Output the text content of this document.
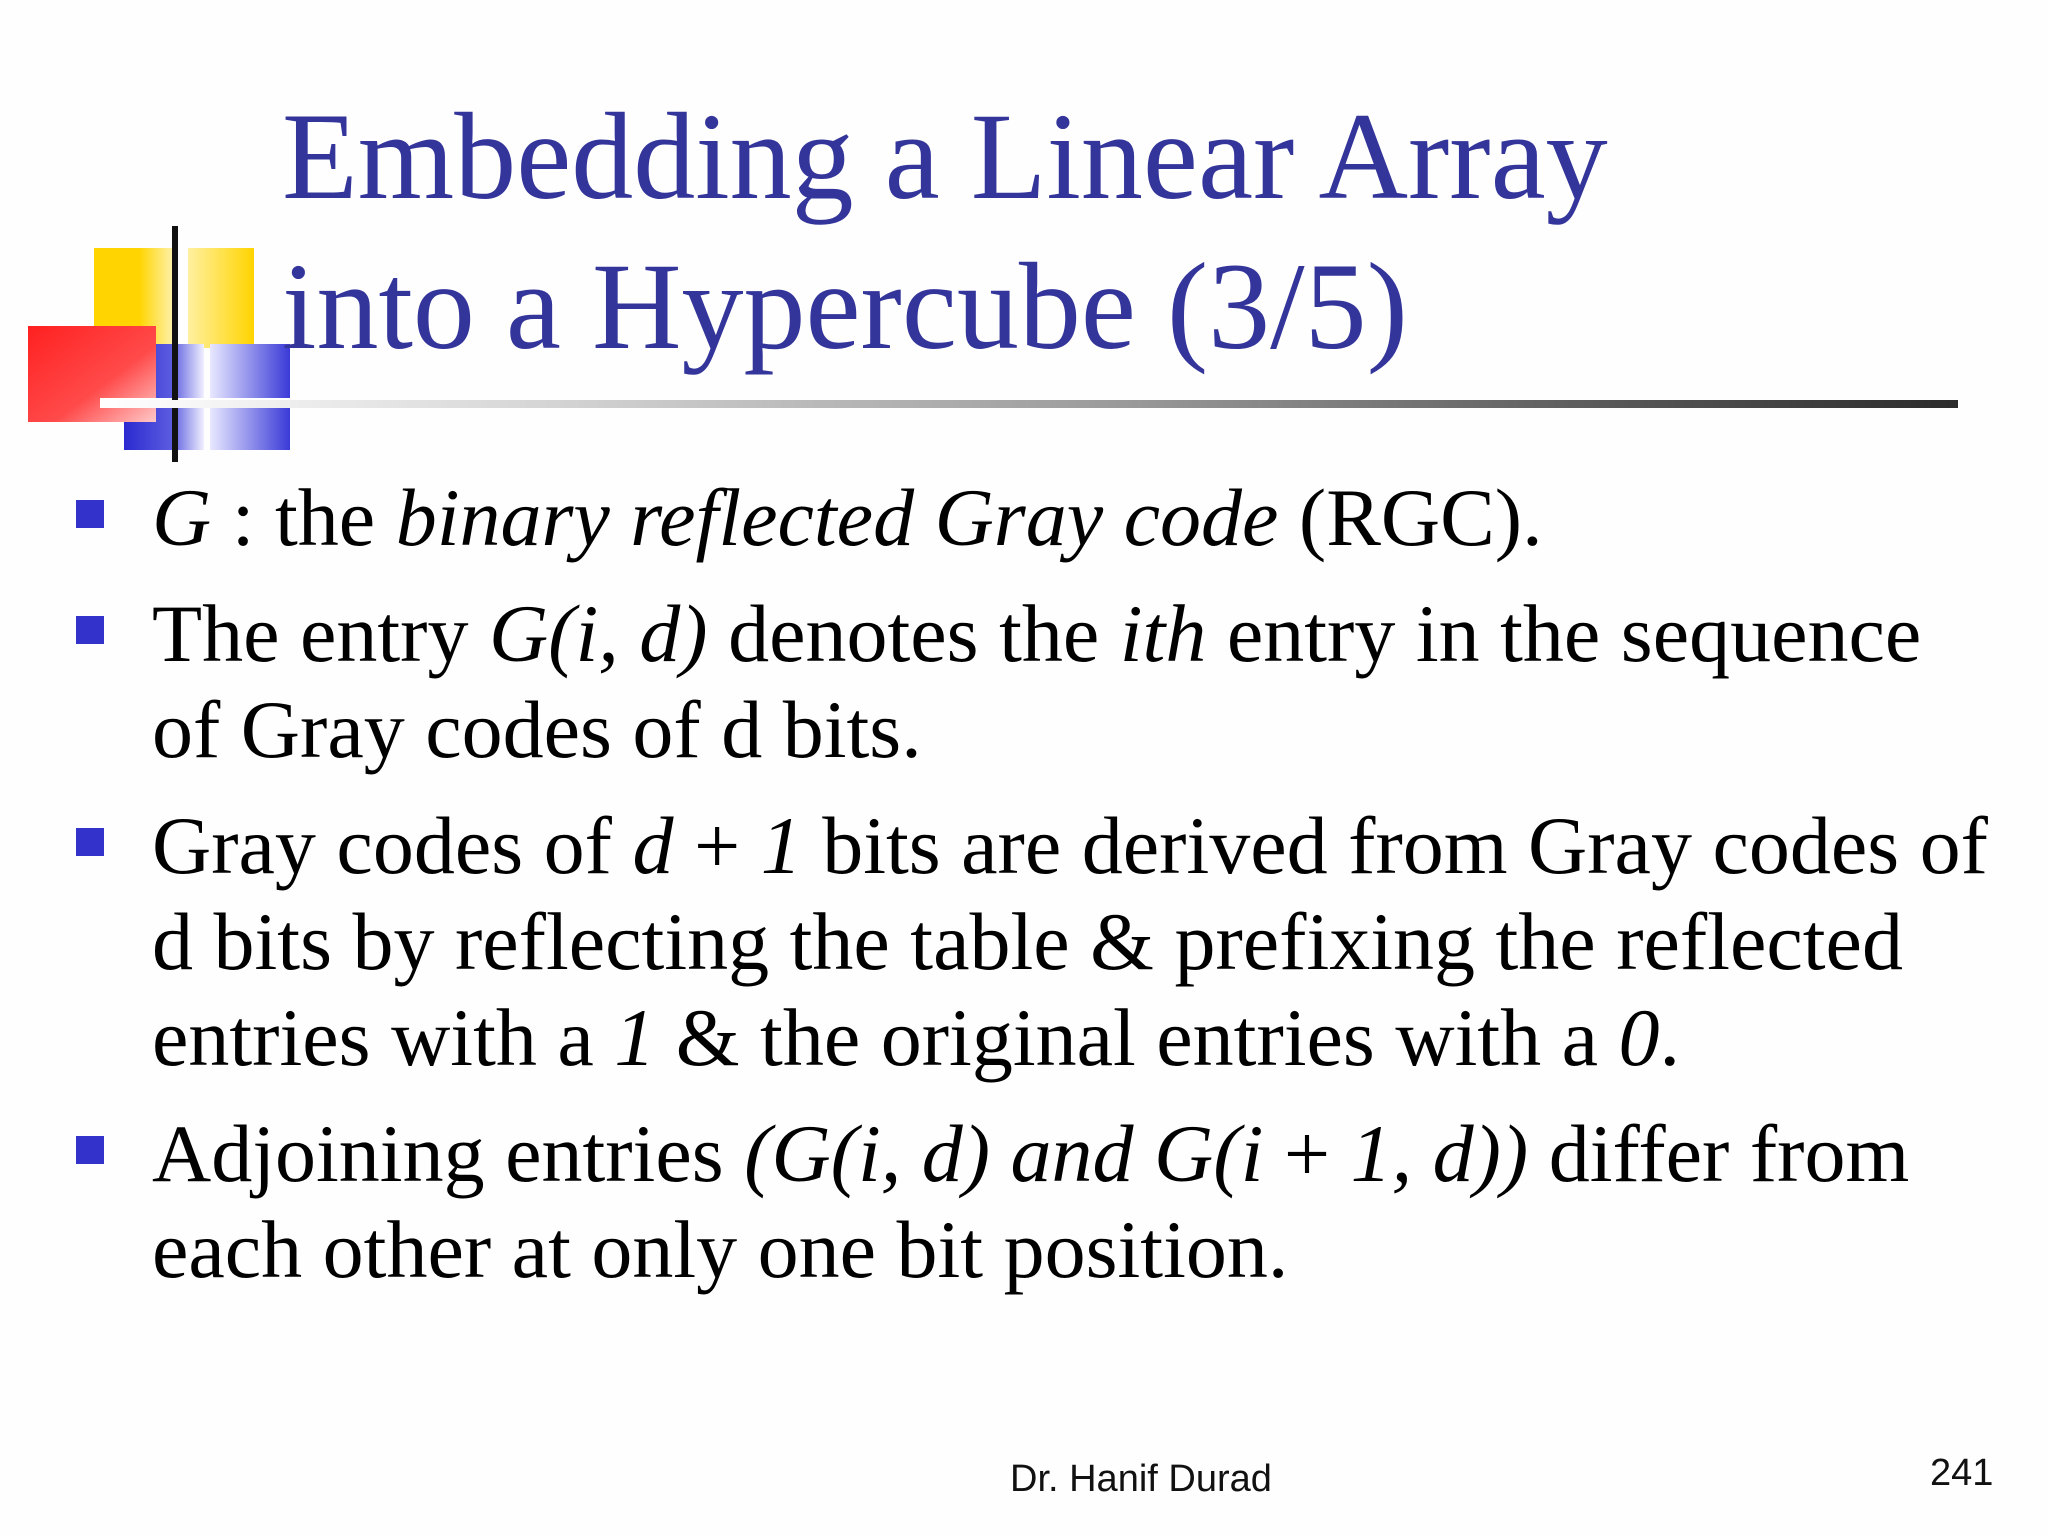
Embedding a Linear Array
into a Hypercube (3/5)
G : the binary reflected Gray code (RGC).
The entry G(i, d) denotes the ith entry in the sequence of Gray codes of d bits.
Gray codes of d + 1 bits are derived from Gray codes of d bits by reflecting the table & prefixing the reflected entries with a 1 & the original entries with a 0.
Adjoining entries (G(i, d) and G(i + 1, d)) differ from each other at only one bit position.
Dr. Hanif Durad	241
